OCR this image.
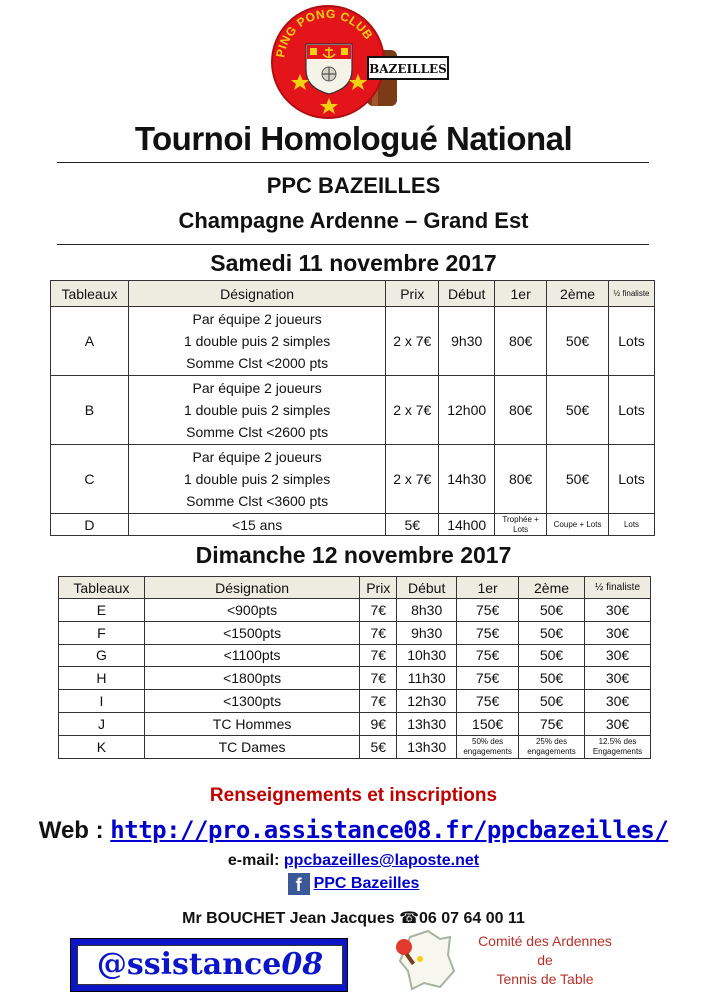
PING PONG CLUB
BAZEILLES
Tournoi Homologué National
PPC BAZEILLES
Champagne Ardenne – Grand Est
Samedi 11 novembre 2017
Tableaux	Désignation	Prix	Début	1er	2ème	½ finaliste
A	Par équipe 2 joueurs
1 double puis 2 simples
Somme Clst <2000 pts	2 x 7€	9h30	80€	50€	Lots
B	Par équipe 2 joueurs
1 double puis 2 simples
Somme Clst <2600 pts	2 x 7€	12h00	80€	50€	Lots
C	Par équipe 2 joueurs
1 double puis 2 simples
Somme Clst <3600 pts	2 x 7€	14h30	80€	50€	Lots
D	<15 ans	5€	14h00	Trophée + Lots	Coupe + Lots	Lots
Dimanche 12 novembre 2017
Tableaux	Désignation	Prix	Début	1er	2ème	½ finaliste
E	<900pts	7€	8h30	75€	50€	30€
F	<1500pts	7€	9h30	75€	50€	30€
G	<1100pts	7€	10h30	75€	50€	30€
H	<1800pts	7€	11h30	75€	50€	30€
I	<1300pts	7€	12h30	75€	50€	30€
J	TC Hommes	9€	13h30	150€	75€	30€
K	TC Dames	5€	13h30	50% des engagements	25% des engagements	12.5% des Engagements
Renseignements et inscriptions
Web : http://pro.assistance08.fr/ppcbazeilles/
e-mail: ppcbazeilles@laposte.net
f PPC Bazeilles
Mr BOUCHET Jean Jacques ☎06 07 64 00 11
@ssistance08
Comité des Ardennes
de
Tennis de Table
